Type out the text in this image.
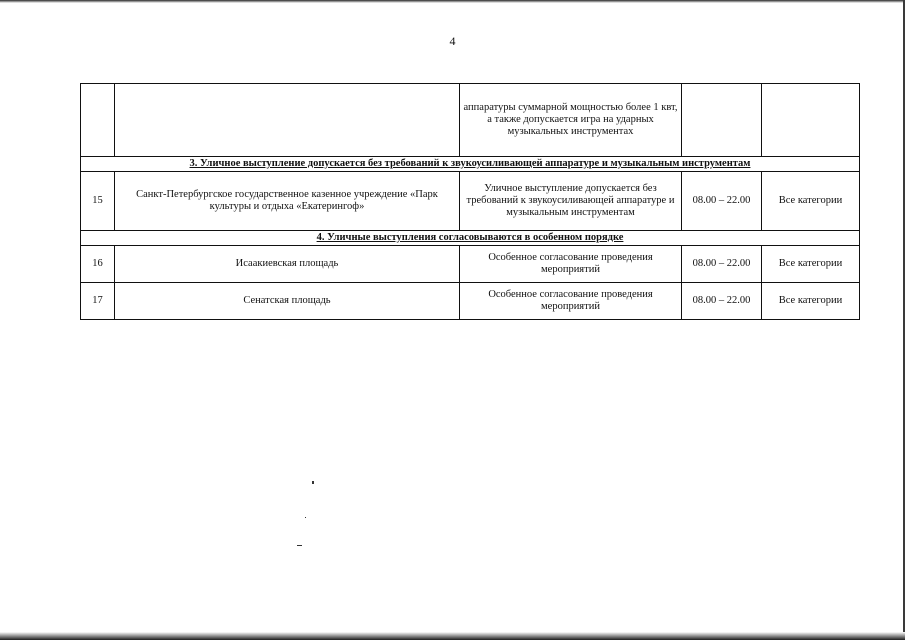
4
		аппаратуры суммарной мощностью более 1 квт, а также допускается игра на ударных музыкальных инструментах		
3. Уличное выступление допускается без требований к звукоусиливающей аппаратуре и музыкальным инструментам				
15	Санкт-Петербургское государственное казенное учреждение «Парк культуры и отдыха «Екатерингоф»	Уличное выступление допускается без требований к звукоусиливающей аппаратуре и музыкальным инструментам	08.00 – 22.00	Все категории
4. Уличные выступления согласовываются в особенном порядке				
16	Исаакиевская площадь	Особенное согласование проведения мероприятий	08.00 – 22.00	Все категории
17	Сенатская площадь	Особенное согласование проведения мероприятий	08.00 – 22.00	Все категории
